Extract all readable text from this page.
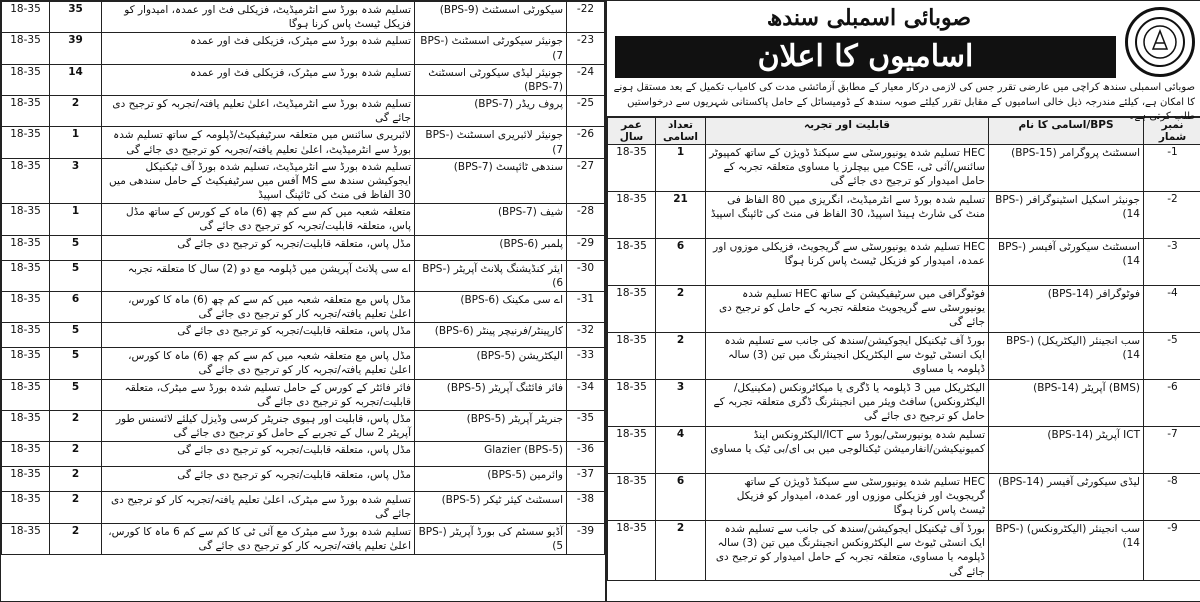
18-35	35	تسلیم شدہ بورڈ سے انٹرمیڈیٹ، فزیکلی فٹ اور عمدہ، امیدوار کو فزیکل ٹیسٹ پاس کرنا ہوگا	سیکورٹی اسسٹنٹ (BPS-9)	-22
18-35	39	تسلیم شدہ بورڈ سے میٹرک، فزیکلی فٹ اور عمدہ	جونیئر سیکورٹی اسسٹنٹ (BPS-7)	-23
18-35	14	تسلیم شدہ بورڈ سے میٹرک، فزیکلی فٹ اور عمدہ	جونیئر لیڈی سیکورٹی اسسٹنٹ (BPS-7)	-24
18-35	2	تسلیم شدہ بورڈ سے انٹرمیڈیٹ، اعلیٰ تعلیم یافتہ/تجربہ کو ترجیح دی جائے گی	پروف ریڈر (BPS-7)	-25
18-35	1	لائبریری سائنس میں متعلقہ سرٹیفیکیٹ/ڈپلومہ کے ساتھ تسلیم شدہ بورڈ سے انٹرمیڈیٹ، اعلیٰ تعلیم یافتہ/تجربہ کو ترجیح دی جائے گی	جونیئر لائبریری اسسٹنٹ (BPS-7)	-26
18-35	3	تسلیم شدہ بورڈ سے انٹرمیڈیٹ، تسلیم شدہ بورڈ آف ٹیکنیکل ایجوکیشن سندھ سے MS آفس میں سرٹیفیکیٹ کے حامل سندھی میں 30 الفاظ فی منٹ کی ٹائپنگ اسپیڈ	سندھی ٹائپسٹ (BPS-7)	-27
18-35	1	متعلقہ شعبہ میں کم سے کم چھ (6) ماہ کے کورس کے ساتھ مڈل پاس، متعلقہ قابلیت/تجربہ کو ترجیح دی جائے گی	شیف (BPS-7)	-28
18-35	5	مڈل پاس، متعلقہ قابلیت/تجربہ کو ترجیح دی جائے گی	پلمبر (BPS-6)	-29
18-35	5	اے سی پلانٹ آپریشن میں ڈپلومہ مع دو (2) سال کا متعلقہ تجربہ	ایئر کنڈیشنگ پلانٹ آپریٹر (BPS-6)	-30
18-35	6	مڈل پاس مع متعلقہ شعبہ میں کم سے کم چھ (6) ماہ کا کورس، اعلیٰ تعلیم یافتہ/تجربہ کار کو ترجیح دی جائے گی	اے سی مکینک (BPS-6)	-31
18-35	5	مڈل پاس، متعلقہ قابلیت/تجربہ کو ترجیح دی جائے گی	کارپینٹر/فرنیچر پینٹر (BPS-6)	-32
18-35	5	مڈل پاس مع متعلقہ شعبہ میں کم سے کم چھ (6) ماہ کا کورس، اعلیٰ تعلیم یافتہ/تجربہ کار کو ترجیح دی جائے گی	الیکٹریشن (BPS-5)	-33
18-35	5	فائر فائٹر کے کورس کے حامل تسلیم شدہ بورڈ سے میٹرک، متعلقہ قابلیت/تجربہ کو ترجیح دی جائے گی	فائر فائٹنگ آپریٹر (BPS-5)	-34
18-35	2	مڈل پاس، قابلیت اور ہیوی جنریٹر کرسی وڈیزل کیلئے لائسنس طور آپریٹر 2 سال کے تجربے کے حامل کو ترجیح دی جائے گی	جنریٹر آپریٹر (BPS-5)	-35
18-35	2	مڈل پاس، متعلقہ قابلیت/تجربہ کو ترجیح دی جائے گی	Glazier (BPS-5)	-36
18-35	2	مڈل پاس، متعلقہ قابلیت/تجربہ کو ترجیح دی جائے گی	وائرمین (BPS-5)	-37
18-35	2	تسلیم شدہ بورڈ سے میٹرک، اعلیٰ تعلیم یافتہ/تجربہ کار کو ترجیح دی جائے گی	اسسٹنٹ کیئر ٹیکر (BPS-5)	-38
18-35	2	تسلیم شدہ بورڈ سے میٹرک مع آئی ٹی کا کم سے کم 6 ماہ کا کورس، اعلیٰ تعلیم یافتہ/تجربہ کار کو ترجیح دی جائے گی	آڈیو سسٹم کی بورڈ آپریٹر (BPS-5)	-39
صوبائی اسمبلی سندھ
اسامیوں کا اعلان
صوبائی اسمبلی سندھ کراچی میں عارضی تقرر جس کی لازمی درکار معیار کے مطابق آزمائشی مدت کی کامیاب تکمیل کے بعد مستقل ہونے کا امکان ہے، کیلئے مندرجہ ذیل خالی اسامیوں کے مقابل تقرر کیلئے صوبہ سندھ کے ڈومیسائل کے حامل پاکستانی شہریوں سے درخواستیں طلب کرتی ہے۔
عمر سال	تعداد اسامی	قابلیت اور تجربہ	اسامی کا نام/BPS	نمبر شمار
18-35	1	HEC تسلیم شدہ یونیورسٹی سے سیکنڈ ڈویژن کے ساتھ کمپیوٹر سائنس/آئی ٹی، CSE میں بیچلرز یا مساوی متعلقہ تجربہ کے حامل امیدوار کو ترجیح دی جائے گی	اسسٹنٹ پروگرامر (BPS-15)	-1
18-35	21	تسلیم شدہ بورڈ سے انٹرمیڈیٹ، انگریزی میں 80 الفاظ فی منٹ کی شارٹ ہینڈ اسپیڈ، 30 الفاظ فی منٹ کی ٹائپنگ اسپیڈ	جونیئر اسکیل اسٹینوگرافر (BPS-14)	-2
18-35	6	HEC تسلیم شدہ یونیورسٹی سے گریجویٹ، فزیکلی موزوں اور عمدہ، امیدوار کو فزیکل ٹیسٹ پاس کرنا ہوگا	اسسٹنٹ سیکورٹی آفیسر (BPS-14)	-3
18-35	2	فوٹوگرافی میں سرٹیفیکیشن کے ساتھ HEC تسلیم شدہ یونیورسٹی سے گریجویٹ متعلقہ تجربہ کے حامل کو ترجیح دی جائے گی	فوٹوگرافر (BPS-14)	-4
18-35	2	بورڈ آف ٹیکنیکل ایجوکیشن/سندھ کی جانب سے تسلیم شدہ ایک انسٹی ٹیوٹ سے الیکٹریکل انجینئرنگ میں تین (3) سالہ ڈپلومہ یا مساوی	سب انجینئر (الیکٹریکل) (BPS-14)	-5
18-35	3	الیکٹریکل میں 3 ڈپلومہ یا ڈگری یا میکاٹرونکس (مکینیکل/الیکٹرونکس) سافٹ ویئر میں انجینئرنگ ڈگری متعلقہ تجربہ کے حامل کو ترجیح دی جائے گی	(BMS) آپریٹر (BPS-14)	-6
18-35	4	تسلیم شدہ یونیورسٹی/بورڈ سے ICT/الیکٹرونکس اینڈ کمیونیکیشن/انفارمیشن ٹیکنالوجی میں بی ای/بی ٹیک یا مساوی	ICT آپریٹر (BPS-14)	-7
18-35	6	HEC تسلیم شدہ یونیورسٹی سے سیکنڈ ڈویژن کے ساتھ گریجویٹ اور فزیکلی موزوں اور عمدہ، امیدوار کو فزیکل ٹیسٹ پاس کرنا ہوگا	لیڈی سیکورٹی آفیسر (BPS-14)	-8
18-35	2	بورڈ آف ٹیکنیکل ایجوکیشن/سندھ کی جانب سے تسلیم شدہ ایک انسٹی ٹیوٹ سے الیکٹرونکس انجینئرنگ میں تین (3) سالہ ڈپلومہ یا مساوی، متعلقہ تجربہ کے حامل امیدوار کو ترجیح دی جائے گی	سب انجینئر (الیکٹرونکس) (BPS-14)	-9
